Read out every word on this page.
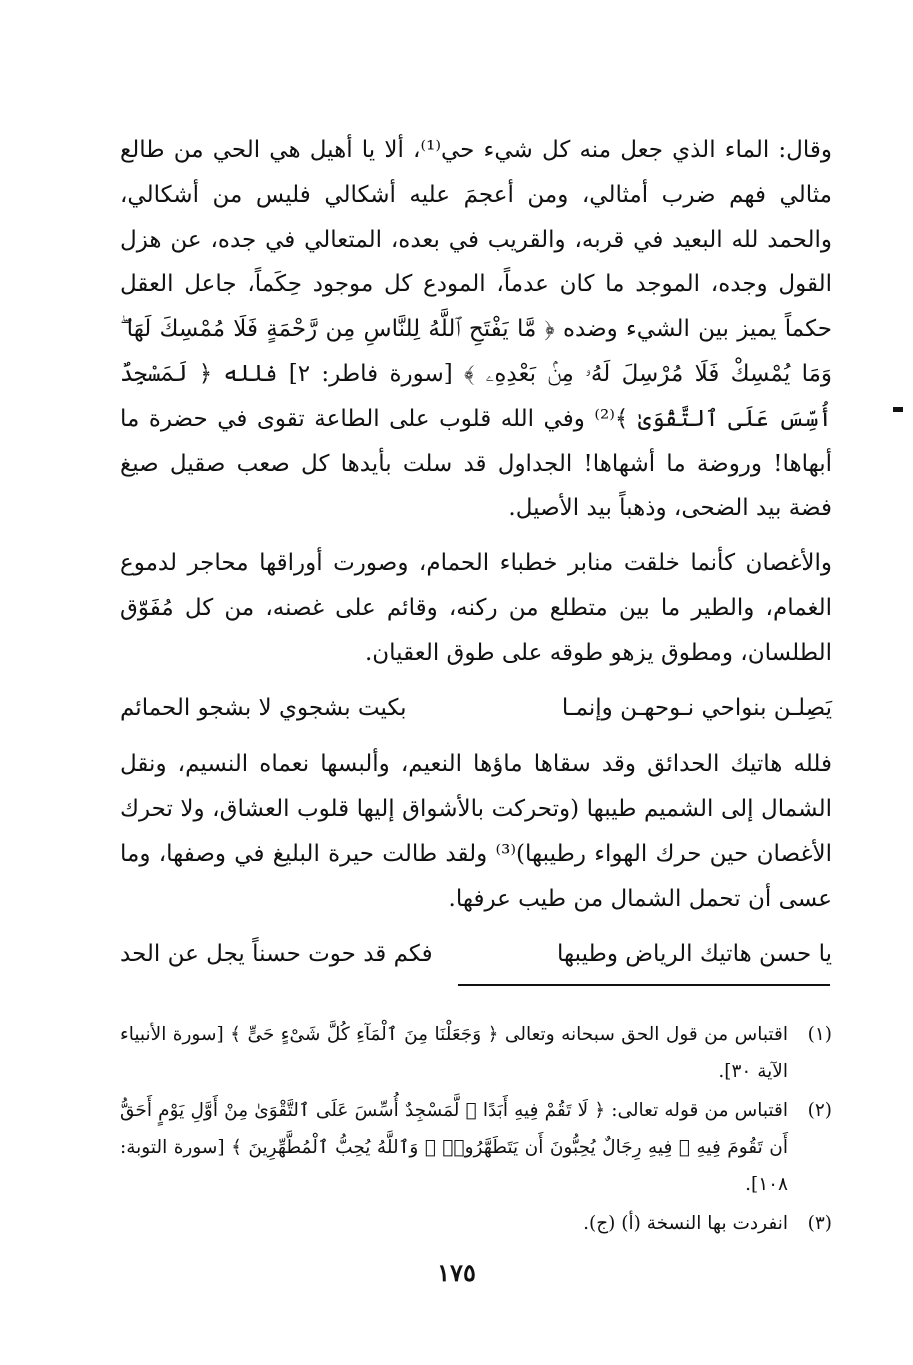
وقال: الماء الذي جعل منه كل شيء حي⁽¹⁾، ألا يا أهيل هي الحي من طالع مثالي فهم ضرب أمثالي، ومن أعجمَ عليه أشكالي فليس من أشكالي، والحمد لله البعيد في قربه، والقريب في بعده، المتعالي في جده، عن هزل القول وجده، الموجد ما كان عدماً، المودع كل موجود حِكَماً، جاعل العقل حكماً يميز بين الشيء وضده ﴿ مَّا يَفْتَحِ ٱللَّهُ لِلنَّاسِ مِن رَّحْمَةٍ فَلَا مُمْسِكَ لَهَا ۖ وَمَا يُمْسِكْ فَلَا مُرْسِلَ لَهُۥ مِنۢ بَعْدِهِۦ ﴾ [سورة فاطر: ٢] فلله ﴿ لَمَسْجِدٌ أُسِّسَ عَلَى ٱلتَّقْوَىٰ ﴾⁽²⁾ وفي الله قلوب على الطاعة تقوى في حضرة ما أبهاها! وروضة ما أشهاها! الجداول قد سلت بأيدها كل صعب صقيل صيغ فضة بيد الضحى، وذهباً بيد الأصيل.

والأغصان كأنما خلقت منابر خطباء الحمام، وصورت أوراقها محاجر لدموع الغمام، والطير ما بين متطلع من ركنه، وقائم على غصنه، من كل مُفَوّق الطلسان، ومطوق يزهو طوقه على طوق العقيان.

يَصِلـن بنواحي نـوحهـن وإنمـا
بكيت بشجوي لا بشجو الحمائم

فلله هاتيك الحدائق وقد سقاها ماؤها النعيم، وألبسها نعماه النسيم، ونقل الشمال إلى الشميم طيبها (وتحركت بالأشواق إليها قلوب العشاق، ولا تحرك الأغصان حين حرك الهواء رطيبها)⁽³⁾ ولقد طالت حيرة البليغ في وصفها، وما عسى أن تحمل الشمال من طيب عرفها.

يا حسن هاتيك الرياض وطيبها
فكم قد حوت حسناً يجل عن الحد
(١)
اقتباس من قول الحق سبحانه وتعالى ﴿ وَجَعَلْنَا مِنَ ٱلْمَآءِ كُلَّ شَىْءٍ حَىٍّ ﴾ [سورة الأنبياء الآية ٣٠].
(٢)
اقتباس من قوله تعالى: ﴿ لَا تَقُمْ فِيهِ أَبَدًا ۚ لَّمَسْجِدٌ أُسِّسَ عَلَى ٱلتَّقْوَىٰ مِنْ أَوَّلِ يَوْمٍ أَحَقُّ أَن تَقُومَ فِيهِ ۚ فِيهِ رِجَالٌ يُحِبُّونَ أَن يَتَطَهَّرُوا۟ ۚ وَٱللَّهُ يُحِبُّ ٱلْمُطَّهِّرِينَ ﴾ [سورة التوبة: ١٠٨].
(٣)
انفردت بها النسخة (أ) (ج).
١٧٥
